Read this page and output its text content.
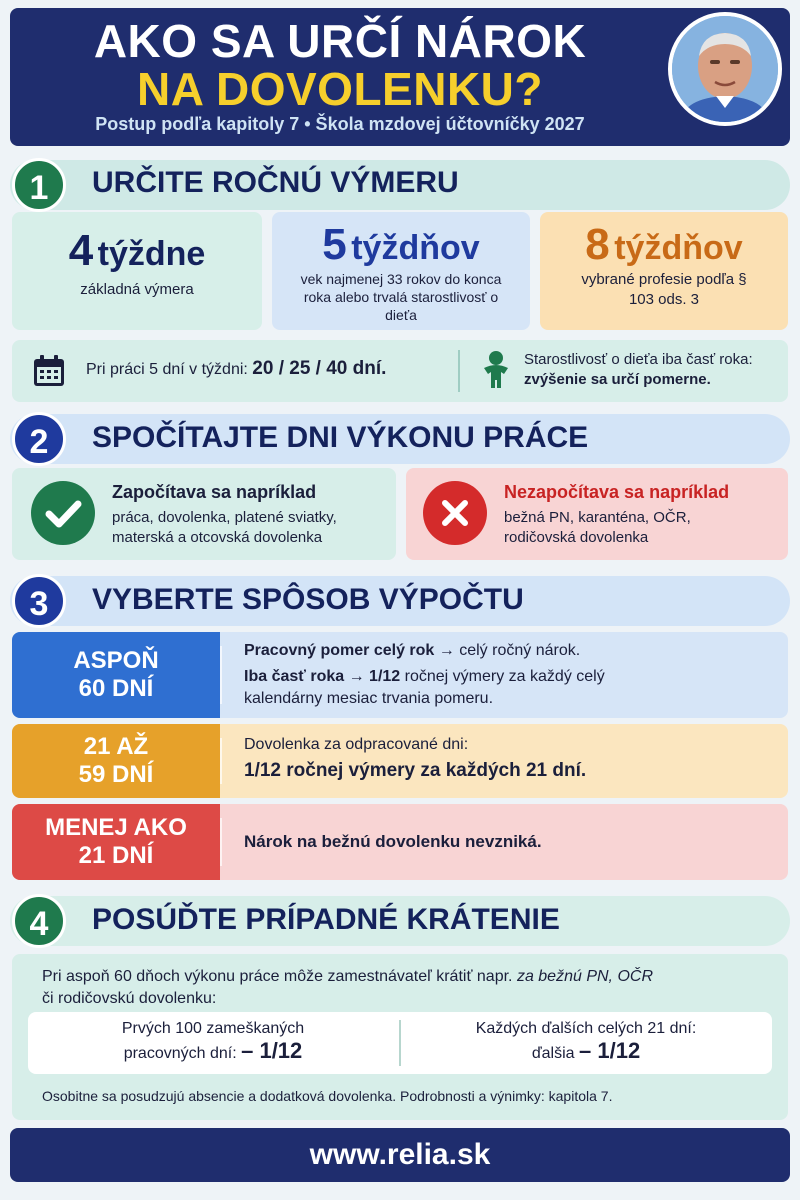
AKO SA URČÍ NÁROK
NA DOVOLENKU?
Postup podľa kapitoly 7 • Škola mzdovej účtovníčky 2027
1	URČITE ROČNÚ VÝMERU
4 týždne
základná výmera
5 týždňov
vek najmenej 33 rokov do konca roka alebo trvalá starostlivosť o dieťa
8 týždňov
vybrané profesie podľa § 103 ods. 3
Pri práci 5 dní v týždni: 20 / 25 / 40 dní.	Starostlivosť o dieťa iba časť roka:
zvýšenie sa určí pomerne.
2	SPOČÍTAJTE DNI VÝKONU PRÁCE
Započítava sa napríklad
práca, dovolenka, platené sviatky, materská a otcovská dovolenka
Nezapočítava sa napríklad
bežná PN, karanténa, OČR, rodičovská dovolenka
3	VYBERTE SPÔSOB VÝPOČTU
ASPOŇ
60 DNÍ
Pracovný pomer celý rok → celý ročný nárok.
Iba časť roka → 1/12 ročnej výmery za každý celý
kalendárny mesiac trvania pomeru.
21 AŽ
59 DNÍ
Dovolenka za odpracované dni:
1/12 ročnej výmery za každých 21 dní.
MENEJ AKO
21 DNÍ
Nárok na bežnú dovolenku nevzniká.
4	POSÚĎTE PRÍPADNÉ KRÁTENIE
Pri aspoň 60 dňoch výkonu práce môže zamestnávateľ krátiť napr. za bežnú PN, OČR
či rodičovskú dovolenku:
Prvých 100 zameškaných
pracovných dní: – 1/12
Každých ďalších celých 21 dní:
ďalšia – 1/12
Osobitne sa posudzujú absencie a dodatková dovolenka. Podrobnosti a výnimky: kapitola 7.
www.relia.sk
